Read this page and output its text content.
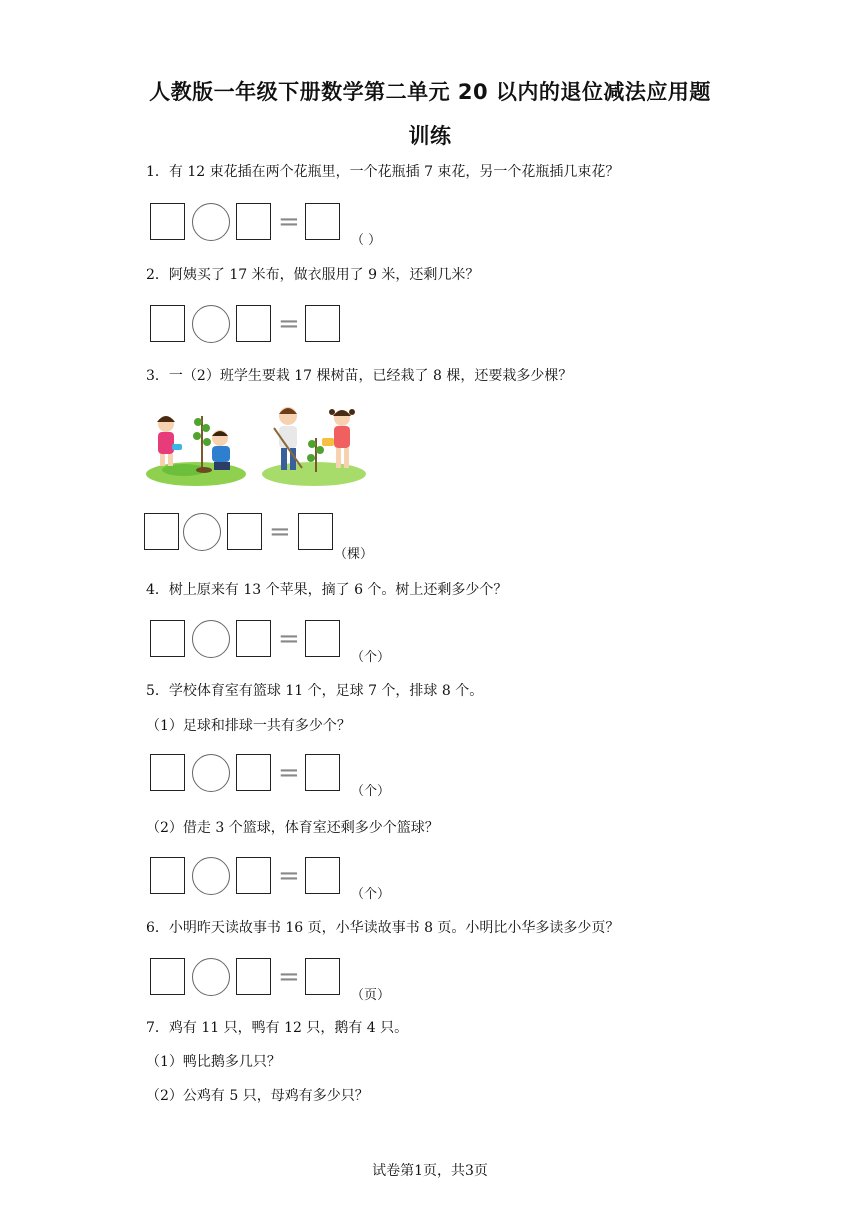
人教版一年级下册数学第二单元 20 以内的退位减法应用题
训练
1．有 12 束花插在两个花瓶里，一个花瓶插 7 束花，另一个花瓶插几束花？
=
（ ）
2．阿姨买了 17 米布，做衣服用了 9 米，还剩几米？
=
3．一（2）班学生要栽 17 棵树苗，已经栽了 8 棵，还要栽多少棵？
=
（棵）
4．树上原来有 13 个苹果，摘了 6 个。树上还剩多少个？
=
（个）
5．学校体育室有篮球 11 个，足球 7 个，排球 8 个。
（1）足球和排球一共有多少个？
=
（个）
（2）借走 3 个篮球，体育室还剩多少个篮球？
=
（个）
6．小明昨天读故事书 16 页，小华读故事书 8 页。小明比小华多读多少页？
=
（页）
7．鸡有 11 只，鸭有 12 只，鹅有 4 只。
（1）鸭比鹅多几只？
（2）公鸡有 5 只，母鸡有多少只？
试卷第1页，共3页
